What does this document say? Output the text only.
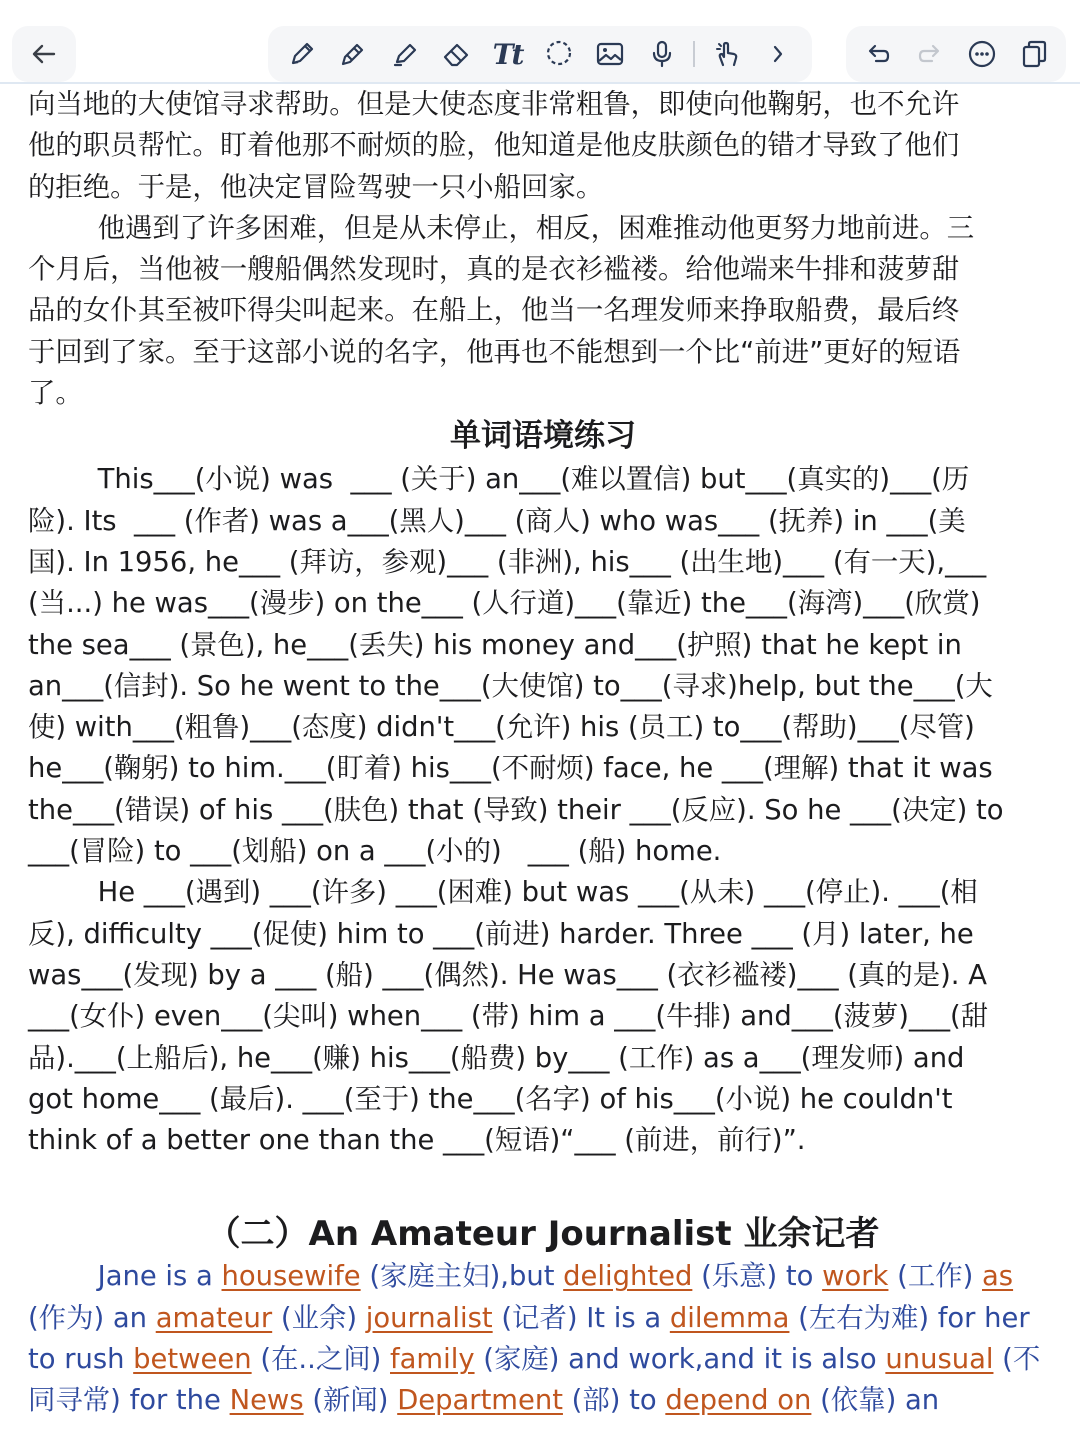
Tt
向当地的大使馆寻求帮助。但是大使态度非常粗鲁，即使向他鞠躬，也不允许
他的职员帮忙。盯着他那不耐烦的脸，他知道是他皮肤颜色的错才导致了他们
的拒绝。于是，他决定冒险驾驶一只小船回家。
他遇到了许多困难，但是从未停止，相反，困难推动他更努力地前进。三
个月后，当他被一艘船偶然发现时，真的是衣衫褴褛。给他端来牛排和菠萝甜
品的女仆其至被吓得尖叫起来。在船上，他当一名理发师来挣取船费，最后终
于回到了家。至于这部小说的名字，他再也不能想到一个比“前进”更好的短语
了。
单词语境练习
This___(小说) was  ___ (关于) an___(难以置信) but___(真实的)___(历
险). Its  ___ (作者) was a___(黑人)___ (商人) who was___ (抚养) in ___(美
国). In 1956, he___ (拜访，参观)___ (非洲), his___ (出生地)___ (有一天),___
(当...) he was___(漫步) on the___ (人行道)___(靠近) the___(海湾)___(欣赏)
the sea___ (景色), he___(丢失) his money and___(护照) that he kept in
an___(信封). So he went to the___(大使馆) to___(寻求)help, but the___(大
使) with___(粗鲁)___(态度) didn't___(允许) his (员工) to___(帮助)___(尽管)
he___(鞠躬) to him.___(盯着) his___(不耐烦) face, he ___(理解) that it was
the___(错误) of his ___(肤色) that (导致) their ___(反应). So he ___(决定) to
___(冒险) to ___(划船) on a ___(小的)   ___ (船) home.
He ___(遇到) ___(许多) ___(困难) but was ___(从未) ___(停止). ___(相
反), difficulty ___(促使) him to ___(前进) harder. Three ___ (月) later, he
was___(发现) by a ___ (船) ___(偶然). He was___ (衣衫褴褛)___ (真的是). A
___(女仆) even___(尖叫) when___ (带) him a ___(牛排) and___(菠萝)___(甜
品).___(上船后), he___(赚) his___(船费) by___ (工作) as a___(理发师) and
got home___ (最后). ___(至于) the___(名字) of his___(小说) he couldn't
think of a better one than the ___(短语)“___ (前进，前行)”.
（二）An Amateur Journalist 业余记者
Jane is a housewife (家庭主妇),but delighted (乐意) to work (工作) as
(作为) an amateur (业余) journalist (记者) It is a dilemma (左右为难) for her
to rush between (在..之间) family (家庭) and work,and it is also unusual (不
同寻常) for the News (新闻) Department (部) to depend on (依靠) an
